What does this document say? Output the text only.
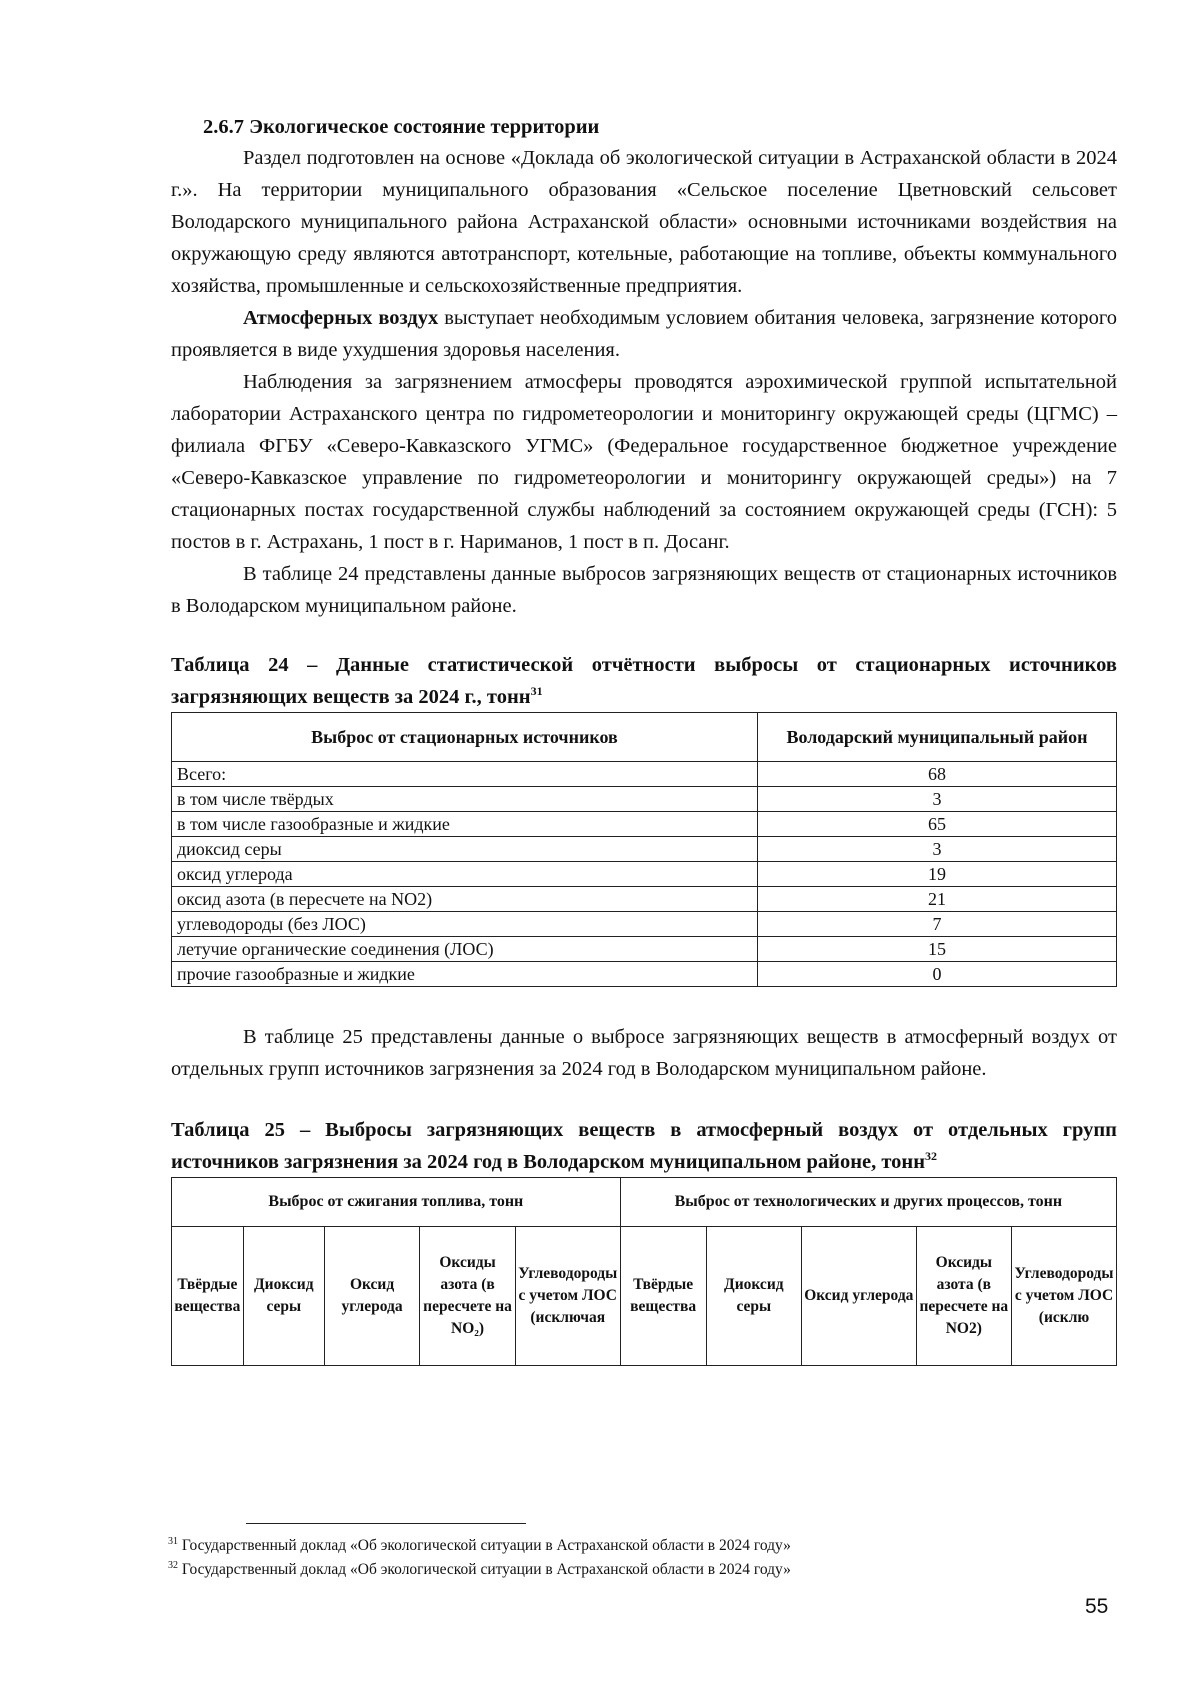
2.6.7 Экологическое состояние территории

Раздел подготовлен на основе «Доклада об экологической ситуации в Астраханской области в 2024 г.». На территории муниципального образования «Сельское поселение Цветновский сельсовет Володарского муниципального района Астраханской области» основными источниками воздействия на окружающую среду являются автотранспорт, котельные, работающие на топливе, объекты коммунального хозяйства, промышленные и сельскохозяйственные предприятия.

Атмосферных воздух выступает необходимым условием обитания человека, загрязнение которого проявляется в виде ухудшения здоровья населения.

Наблюдения за загрязнением атмосферы проводятся аэрохимической группой испытательной лаборатории Астраханского центра по гидрометеорологии и мониторингу окружающей среды (ЦГМС) – филиала ФГБУ «Северо-Кавказского УГМС» (Федеральное государственное бюджетное учреждение «Северо-Кавказское управление по гидрометеорологии и мониторингу окружающей среды») на 7 стационарных постах государственной службы наблюдений за состоянием окружающей среды (ГСН): 5 постов в г. Астрахань, 1 пост в г. Нариманов, 1 пост в п. Досанг.

В таблице 24 представлены данные выбросов загрязняющих веществ от стационарных источников в Володарском муниципальном районе.

Таблица 24 – Данные статистической отчётности выбросы от стационарных источников загрязняющих веществ за 2024 г., тонн$^{31}$

Выброс от стационарных источников	Володарский муниципальный район
Всего:	68
в том числе твёрдых	3
в том числе газообразные и жидкие	65
диоксид серы	3
оксид углерода	19
оксид азота (в пересчете на NO2)	21
углеводороды (без ЛОС)	7
летучие органические соединения (ЛОС)	15
прочие газообразные и жидкие	0

В таблице 25 представлены данные о выбросе загрязняющих веществ в атмосферный воздух от отдельных групп источников загрязнения за 2024 год в Володарском муниципальном районе.

Таблица 25 – Выбросы загрязняющих веществ в атмосферный воздух от отдельных групп источников загрязнения за 2024 год в Володарском муниципальном районе, тонн$^{32}$

Выброс от сжигания топлива, тонн					Выброс от технологических и других процессов, тонн				
Твёрдые вещества	Диоксид серы	Оксид углерода	Оксиды азота (в пересчете на NO₂)	Углеводороды с учетом ЛОС (исключая	Твёрдые вещества	Диоксид серы	Оксид углерода	Оксиды азота (в пересчете на NO2)	Углеводороды с учетом ЛОС (исклю
$^{31}$ Государственный доклад «Об экологической ситуации в Астраханской области в 2024 году»
$^{32}$ Государственный доклад «Об экологической ситуации в Астраханской области в 2024 году»
55
